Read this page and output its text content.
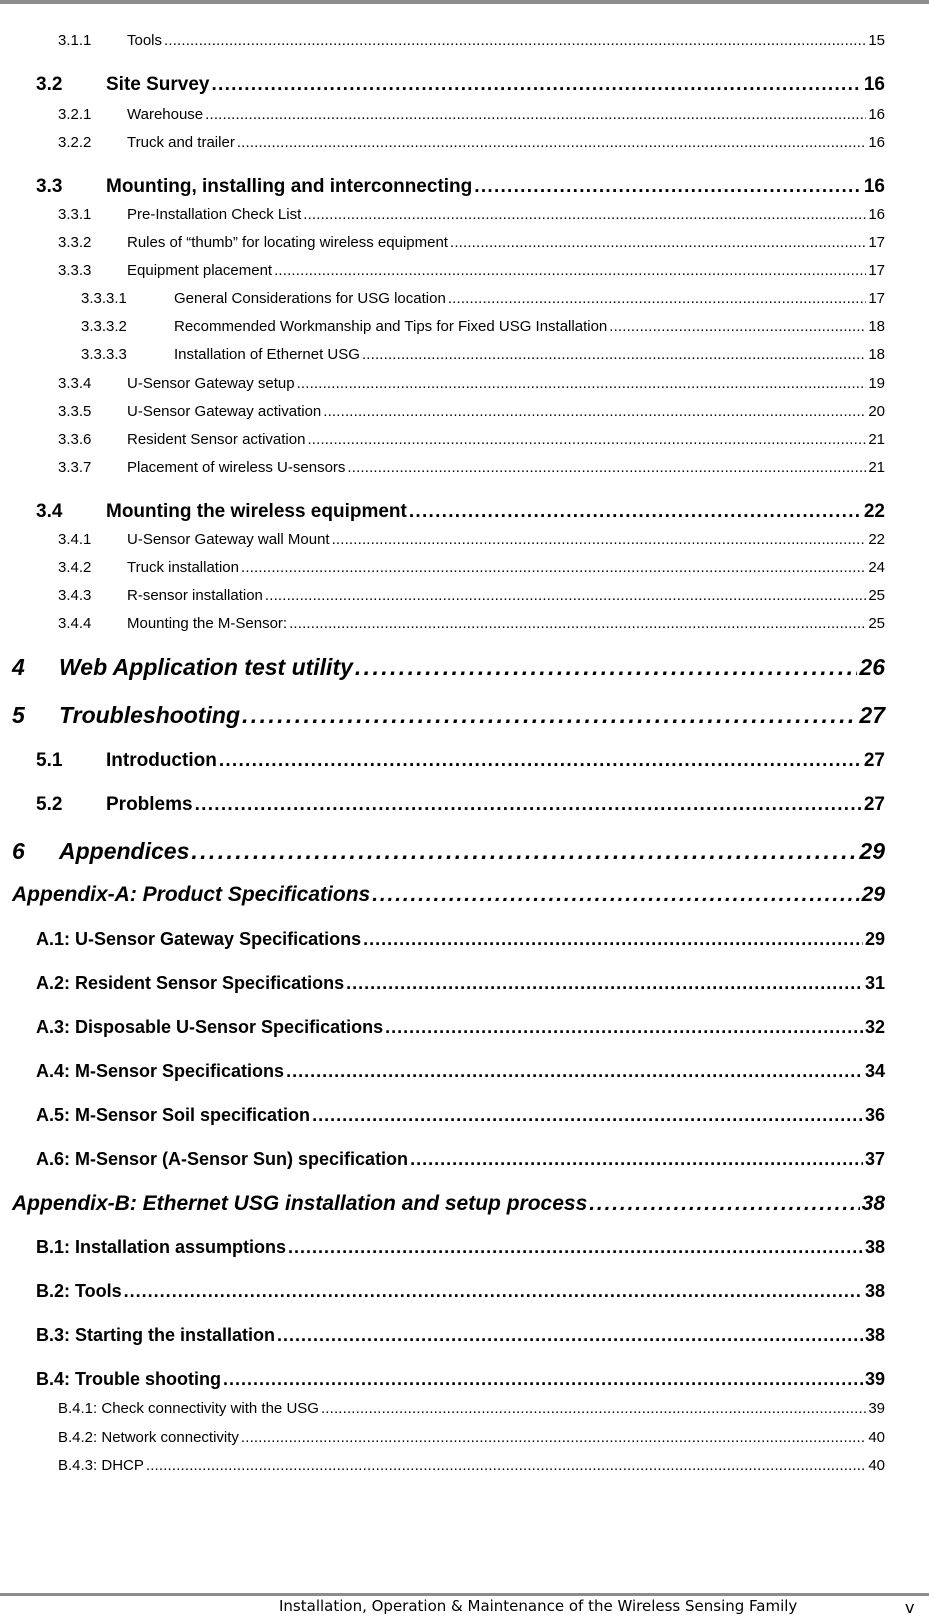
3.1.1	Tools . . .	15
3.2	Site Survey . . .	16
3.2.1	Warehouse . . .	16
3.2.2	Truck and trailer . . .	16
3.3	Mounting, installing and interconnecting . . .	16
3.3.1	Pre-Installation Check List . . .	16
3.3.2	Rules of “thumb” for locating wireless equipment . . .	17
3.3.3	Equipment placement . . .	17
3.3.3.1	General Considerations for USG location . . .	17
3.3.3.2	Recommended Workmanship and Tips for Fixed USG Installation . . .	18
3.3.3.3	Installation of Ethernet USG . . .	18
3.3.4	U-Sensor Gateway setup . . .	19
3.3.5	U-Sensor Gateway activation . . .	20
3.3.6	Resident Sensor activation . . .	21
3.3.7	Placement of wireless U-sensors . . .	21
3.4	Mounting the wireless equipment . . .	22
3.4.1	U-Sensor Gateway wall Mount . . .	22
3.4.2	Truck installation . . .	24
3.4.3	R-sensor installation . . .	25
3.4.4	Mounting the M-Sensor: . . .	25
4	Web Application test utility . . .	26
5	Troubleshooting . . .	27
5.1	Introduction . . .	27
5.2	Problems . . .	27
6	Appendices . . .	29
Appendix-A: Product Specifications . . .	29
A.1: U-Sensor Gateway Specifications . . .	29
A.2: Resident Sensor Specifications . . .	31
A.3: Disposable U-Sensor Specifications . . .	32
A.4: M-Sensor Specifications . . .	34
A.5: M-Sensor Soil specification . . .	36
A.6: M-Sensor (A-Sensor Sun) specification . . .	37
Appendix-B: Ethernet USG installation and setup process . . .	38
B.1: Installation assumptions . . .	38
B.2: Tools . . .	38
B.3: Starting the installation . . .	38
B.4: Trouble shooting . . .	39
B.4.1: Check connectivity with the USG . . .	39
B.4.2: Network connectivity . . .	40
B.4.3: DHCP . . .	40
Installation, Operation & Maintenance of the Wireless Sensing Family	v
